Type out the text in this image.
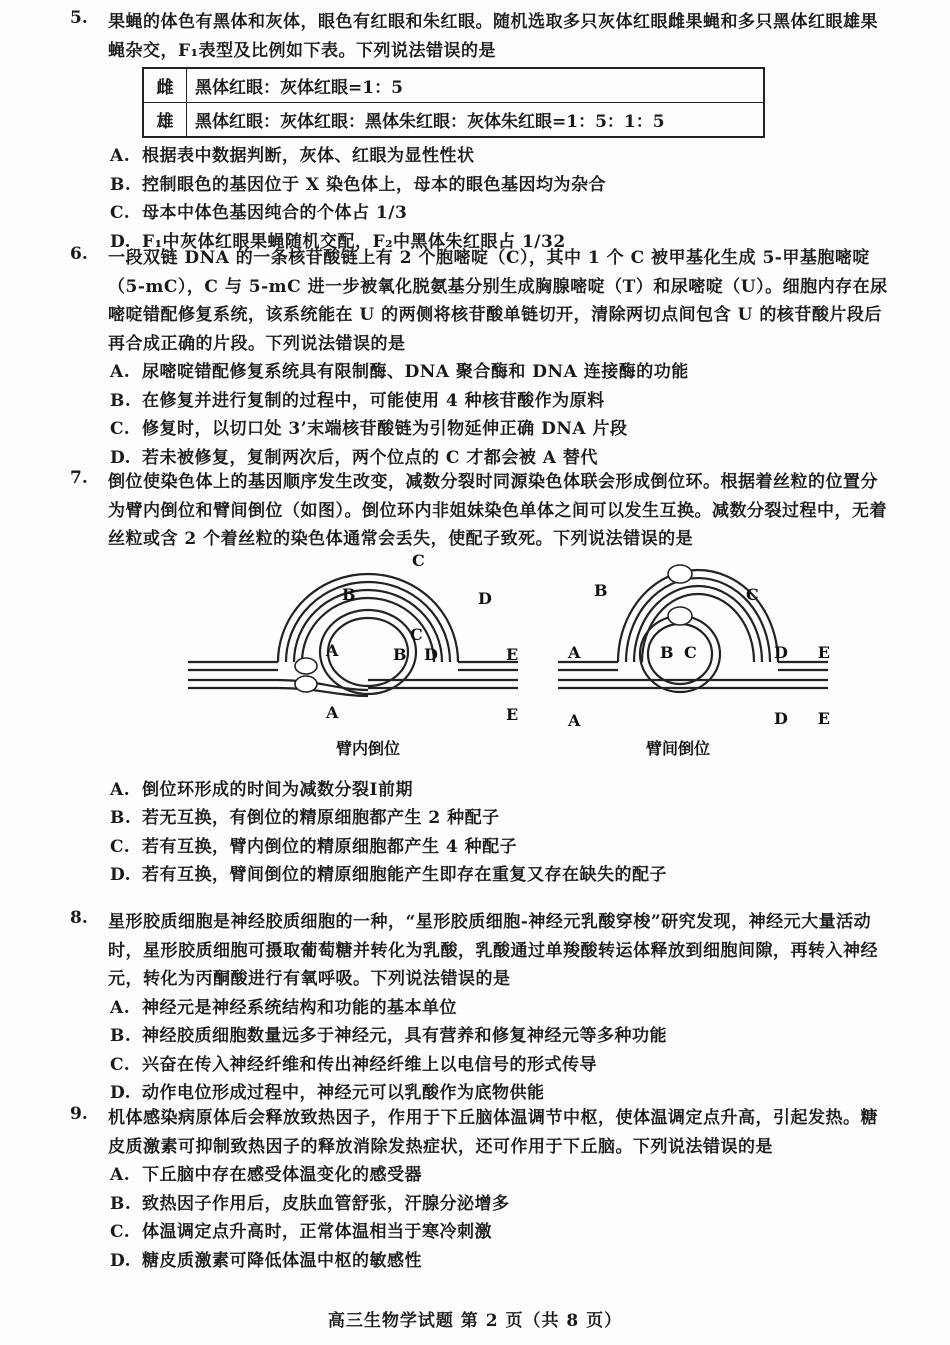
5. 果蝇的体色有黑体和灰体，眼色有红眼和朱红眼。随机选取多只灰体红眼雌果蝇和多只黑体红眼雄果蝇杂交，F₁表型及比例如下表。下列说法错误的是
雌	黑体红眼：灰体红眼=1：5
雄	黑体红眼：灰体红眼：黑体朱红眼：灰体朱红眼=1：5：1：5
A. 根据表中数据判断，灰体、红眼为显性性状
B. 控制眼色的基因位于 X 染色体上，母本的眼色基因均为杂合
C. 母本中体色基因纯合的个体占 1/3
D. F₁中灰体红眼果蝇随机交配，F₂中黑体朱红眼占 1/32
6. 一段双链 DNA 的一条核苷酸链上有 2 个胞嘧啶（C），其中 1 个 C 被甲基化生成 5-甲基胞嘧啶（5-mC），C 与 5-mC 进一步被氧化脱氨基分别生成胸腺嘧啶（T）和尿嘧啶（U）。细胞内存在尿嘧啶错配修复系统，该系统能在 U 的两侧将核苷酸单链切开，清除两切点间包含 U 的核苷酸片段后再合成正确的片段。下列说法错误的是
A. 尿嘧啶错配修复系统具有限制酶、DNA 聚合酶和 DNA 连接酶的功能
B. 在修复并进行复制的过程中，可能使用 4 种核苷酸作为原料
C. 修复时，以切口处 3’末端核苷酸链为引物延伸正确 DNA 片段
D. 若未被修复，复制两次后，两个位点的 C 才都会被 A 替代
7. 倒位使染色体上的基因顺序发生改变，减数分裂时同源染色体联会形成倒位环。根据着丝粒的位置分为臂内倒位和臂间倒位（如图）。倒位环内非姐妹染色单体之间可以发生互换。减数分裂过程中，无着丝粒或含 2 个着丝粒的染色体通常会丢失，使配子致死。下列说法错误的是
C
B	D
C
B D
A	E
A	E
B	C
A	B C	D E
A	D E
臂内倒位	臂间倒位
A. 倒位环形成的时间为减数分裂Ⅰ前期
B. 若无互换，有倒位的精原细胞都产生 2 种配子
C. 若有互换，臂内倒位的精原细胞都产生 4 种配子
D. 若有互换，臂间倒位的精原细胞能产生即存在重复又存在缺失的配子
8. 星形胶质细胞是神经胶质细胞的一种，“星形胶质细胞-神经元乳酸穿梭”研究发现，神经元大量活动时，星形胶质细胞可摄取葡萄糖并转化为乳酸，乳酸通过单羧酸转运体释放到细胞间隙，再转入神经元，转化为丙酮酸进行有氧呼吸。下列说法错误的是
A. 神经元是神经系统结构和功能的基本单位
B. 神经胶质细胞数量远多于神经元，具有营养和修复神经元等多种功能
C. 兴奋在传入神经纤维和传出神经纤维上以电信号的形式传导
D. 动作电位形成过程中，神经元可以乳酸作为底物供能
9. 机体感染病原体后会释放致热因子，作用于下丘脑体温调节中枢，使体温调定点升高，引起发热。糖皮质激素可抑制致热因子的释放消除发热症状，还可作用于下丘脑。下列说法错误的是
A. 下丘脑中存在感受体温变化的感受器
B. 致热因子作用后，皮肤血管舒张，汗腺分泌增多
C. 体温调定点升高时，正常体温相当于寒冷刺激
D. 糖皮质激素可降低体温中枢的敏感性
高三生物学试题 第 2 页（共 8 页）
